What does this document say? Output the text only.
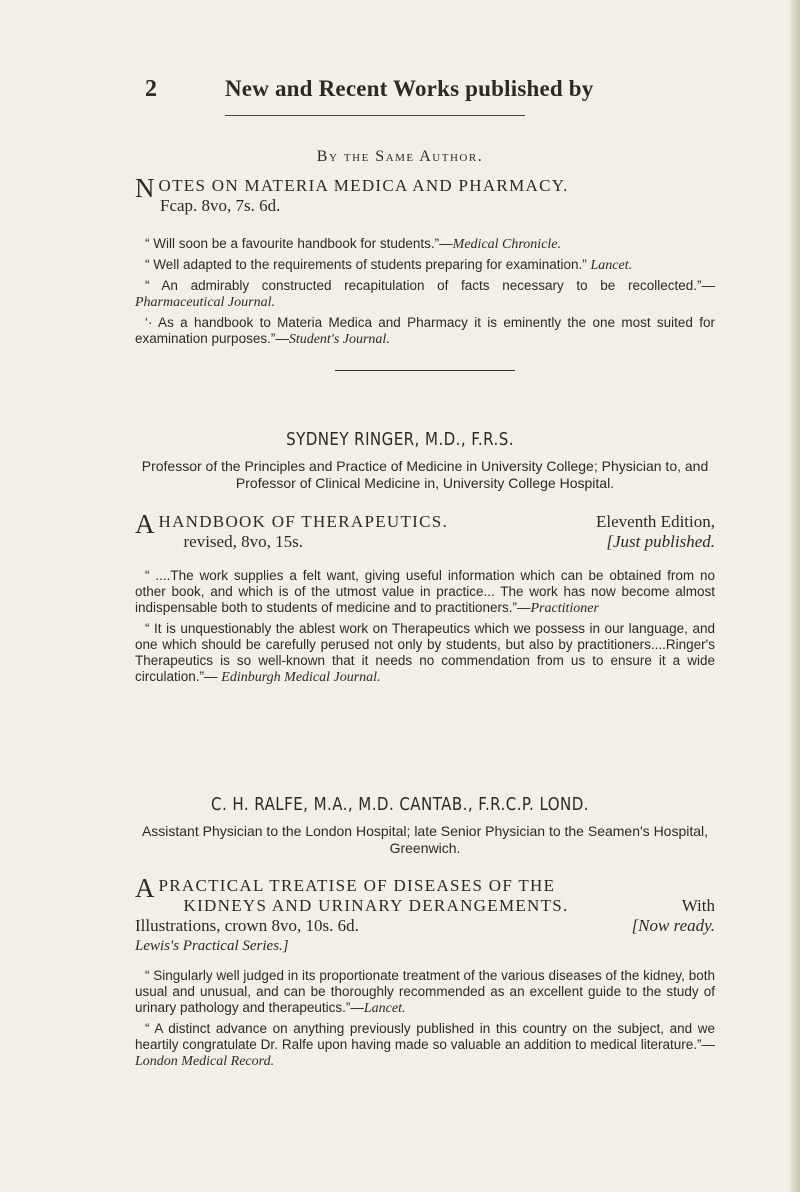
2	New and Recent Works published by
By the Same Author.
N OTES ON MATERIA MEDICA AND PHARMACY.
Fcap. 8vo, 7s. 6d.

“ Will soon be a favourite handbook for students.”—Medical Chronicle.

“ Well adapted to the requirements of students preparing for examination.” Lancet.

“ An admirably constructed recapitulation of facts necessary to be recollected.”—Pharmaceutical Journal.

‘· As a handbook to Materia Medica and Pharmacy it is eminently the one most suited for examination purposes.”—Student's Journal.

SYDNEY RINGER, M.D., F.R.S.
Professor of the Principles and Practice of Medicine in University College; Physician to, and Professor of Clinical Medicine in, University College Hospital.
A HANDBOOK OF THERAPEUTICS.	Eleventh Edition,
revised, 8vo, 15s.	[Just published.

“ ....The work supplies a felt want, giving useful information which can be obtained from no other book, and which is of the utmost value in practice... The work has now become almost indispensable both to students of medicine and to practitioners.”—Practitioner

“ It is unquestionably the ablest work on Therapeutics which we possess in our language, and one which should be carefully perused not only by students, but also by practitioners....Ringer's Therapeutics is so well-known that it needs no commendation from us to ensure it a wide circulation.”— Edinburgh Medical Journal.

C. H. RALFE, M.A., M.D. CANTAB., F.R.C.P. LOND.
Assistant Physician to the London Hospital; late Senior Physician to the Seamen's Hospital, Greenwich.
A PRACTICAL TREATISE OF DISEASES OF THE
KIDNEYS AND URINARY DERANGEMENTS.	With
Illustrations, crown 8vo, 10s. 6d.	[Now ready.
Lewis's Practical Series.]

“ Singularly well judged in its proportionate treatment of the various diseases of the kidney, both usual and unusual, and can be thoroughly recommended as an excellent guide to the study of urinary pathology and therapeutics.”—Lancet.

“ A distinct advance on anything previously published in this country on the subject, and we heartily congratulate Dr. Ralfe upon having made so valuable an addition to medical literature.”—London Medical Record.
